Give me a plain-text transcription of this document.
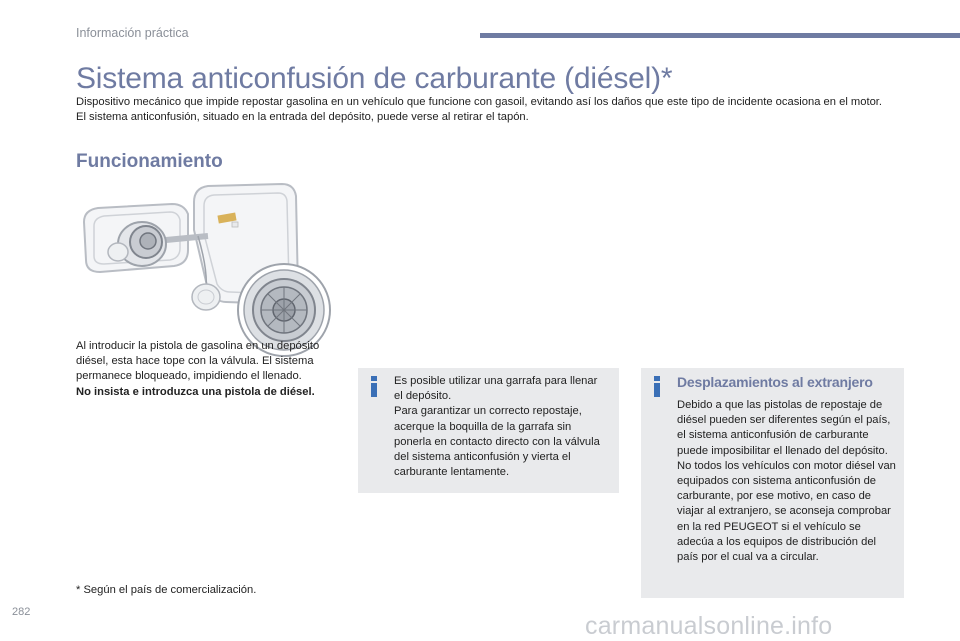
Información práctica
Sistema anticonfusión de carburante (diésel)*

Dispositivo mecánico que impide repostar gasolina en un vehículo que funcione con gasoil, evitando así los daños que este tipo de incidente ocasiona en el motor.

El sistema anticonfusión, situado en la entrada del depósito, puede verse al retirar el tapón.

Funcionamiento

Al introducir la pistola de gasolina en un depósito diésel, esta hace tope con la válvula. El sistema permanece bloqueado, impidiendo el llenado.

No insista e introduzca una pistola de diésel.

Es posible utilizar una garrafa para llenar el depósito.

Para garantizar un correcto repostaje, acerque la boquilla de la garrafa sin ponerla en contacto directo con la válvula del sistema anticonfusión y vierta el carburante lentamente.

Desplazamientos al extranjero

Debido a que las pistolas de repostaje de diésel pueden ser diferentes según el país, el sistema anticonfusión de carburante puede imposibilitar el llenado del depósito.

No todos los vehículos con motor diésel van equipados con sistema anticonfusión de carburante, por ese motivo, en caso de viajar al extranjero, se aconseja comprobar en la red PEUGEOT si el vehículo se adecúa a los equipos de distribución del país por el cual va a circular.

* Según el país de comercialización.
282	carmanualsonline.info
